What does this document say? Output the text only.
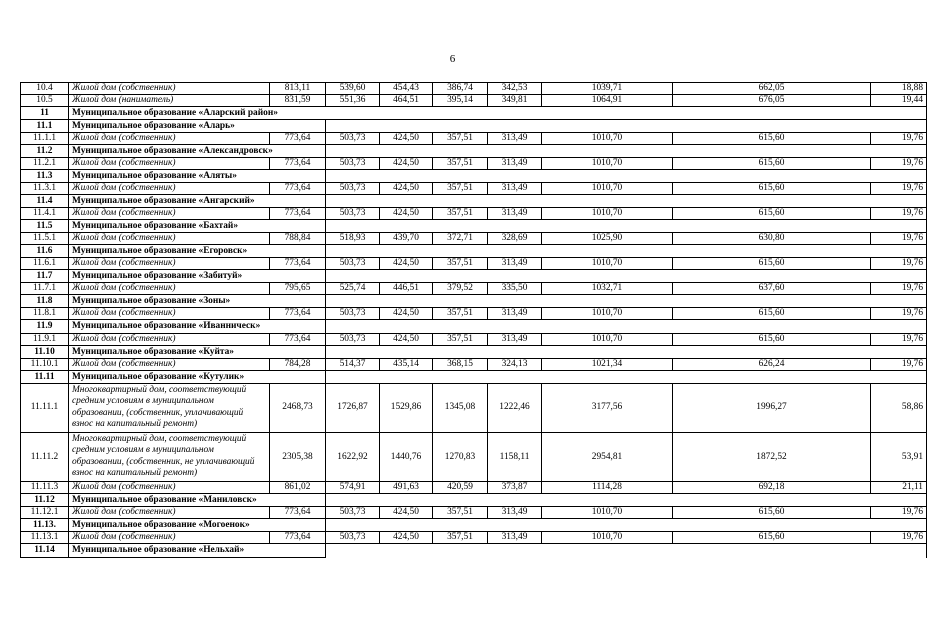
6
10.4	Жилой дом (собственник)	813,11	539,60	454,43	386,74	342,53	1039,71	662,05	18,88
10.5	Жилой дом (наниматель)	831,59	551,36	464,51	395,14	349,81	1064,91	676,05	19,44
11	Муниципальное образование «Аларский район»								
11.1	Муниципальное образование «Аларь»								
11.1.1	Жилой дом (собственник)	773,64	503,73	424,50	357,51	313,49	1010,70	615,60	19,76
11.2	Муниципальное образование «Александровск»								
11.2.1	Жилой дом (собственник)	773,64	503,73	424,50	357,51	313,49	1010,70	615,60	19,76
11.3	Муниципальное образование «Аляты»								
11.3.1	Жилой дом (собственник)	773,64	503,73	424,50	357,51	313,49	1010,70	615,60	19,76
11.4	Муниципальное образование «Ангарский»								
11.4.1	Жилой дом (собственник)	773,64	503,73	424,50	357,51	313,49	1010,70	615,60	19,76
11.5	Муниципальное образование «Бахтай»								
11.5.1	Жилой дом (собственник)	788,84	518,93	439,70	372,71	328,69	1025,90	630,80	19,76
11.6	Муниципальное образование «Егоровск»								
11.6.1	Жилой дом (собственник)	773,64	503,73	424,50	357,51	313,49	1010,70	615,60	19,76
11.7	Муниципальное образование «Забитуй»								
11.7.1	Жилой дом (собственник)	795,65	525,74	446,51	379,52	335,50	1032,71	637,60	19,76
11.8	Муниципальное образование «Зоны»								
11.8.1	Жилой дом (собственник)	773,64	503,73	424,50	357,51	313,49	1010,70	615,60	19,76
11.9	Муниципальное образование «Иванническ»								
11.9.1	Жилой дом (собственник)	773,64	503,73	424,50	357,51	313,49	1010,70	615,60	19,76
11.10	Муниципальное образование «Куйта»								
11.10.1	Жилой дом (собственник)	784,28	514,37	435,14	368,15	324,13	1021,34	626,24	19,76
11.11	Муниципальное образование «Кутулик»								
11.11.1	Многоквартирный дом, соответствующий средним условиям в муниципальном образовании, (собственник, уплачивающий взнос на капитальный ремонт)	2468,73	1726,87	1529,86	1345,08	1222,46	3177,56	1996,27	58,86
11.11.2	Многоквартирный дом, соответствующий средним условиям в муниципальном образовании, (собственник, не уплачивающий взнос на капитальный ремонт)	2305,38	1622,92	1440,76	1270,83	1158,11	2954,81	1872,52	53,91
11.11.3	Жилой дом (собственник)	861,02	574,91	491,63	420,59	373,87	1114,28	692,18	21,11
11.12	Муниципальное образование «Маниловск»								
11.12.1	Жилой дом (собственник)	773,64	503,73	424,50	357,51	313,49	1010,70	615,60	19,76
11.13.	Муниципальное образование «Могоенок»								
11.13.1	Жилой дом (собственник)	773,64	503,73	424,50	357,51	313,49	1010,70	615,60	19,76
11.14	Муниципальное образование «Нельхай»								
